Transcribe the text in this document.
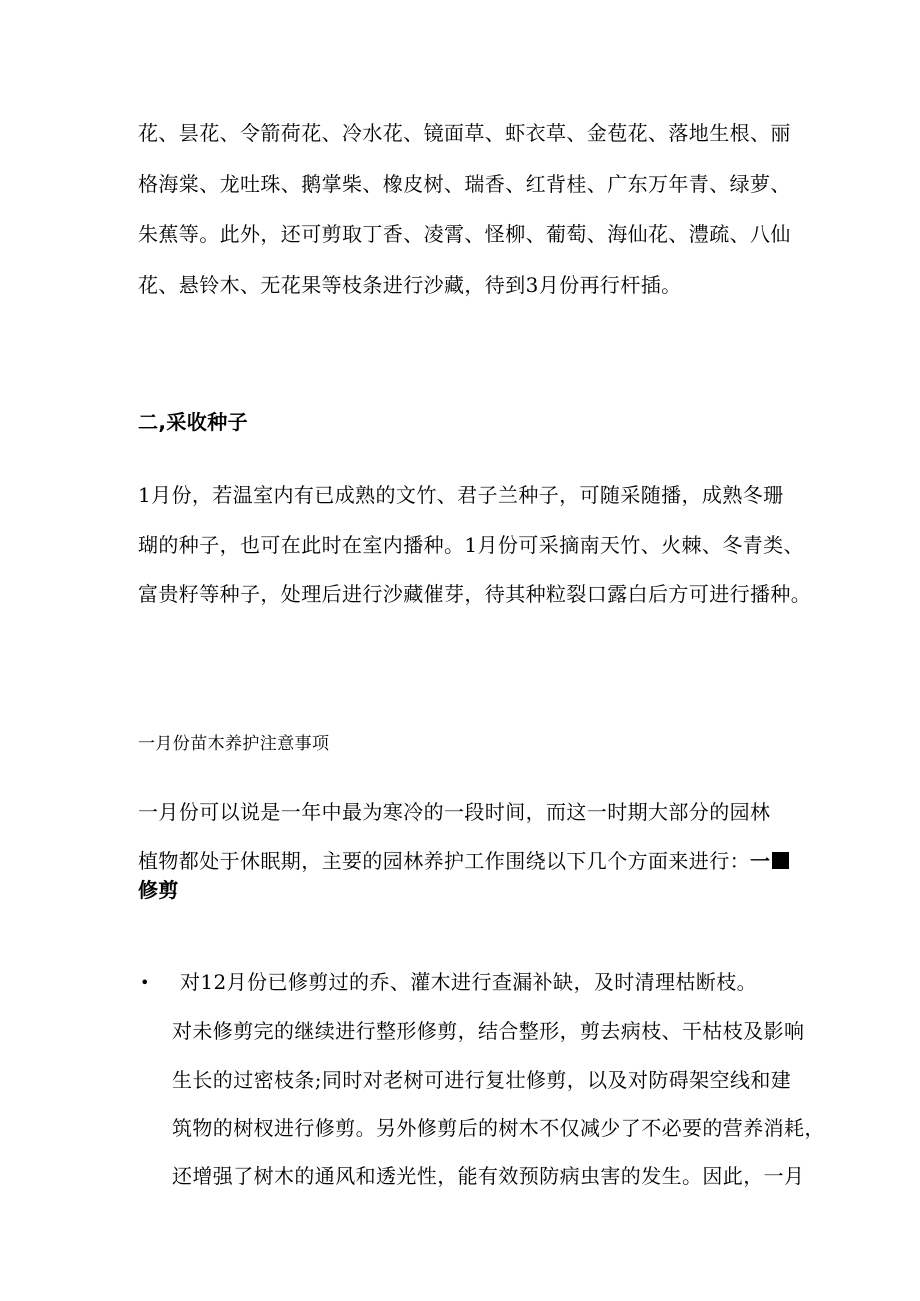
花、昙花、令箭荷花、冷水花、镜面草、虾衣草、金苞花、落地生根、丽
格海棠、龙吐珠、鹅掌柴、橡皮树、瑞香、红背桂、广东万年青、绿萝、
朱蕉等。此外，还可剪取丁香、凌霄、怪柳、葡萄、海仙花、澧疏、八仙
花、悬铃木、无花果等枝条进行沙藏，待到3月份再行杆插。
二,采收种子
1月份，若温室内有已成熟的文竹、君子兰种子，可随采随播，成熟冬珊
瑚的种子，也可在此时在室内播种。1月份可采摘南天竹、火棘、冬青类、
富贵籽等种子，处理后进行沙藏催芽，待其种粒裂口露白后方可进行播种。
一月份苗木养护注意事项
一月份可以说是一年中最为寒冷的一段时间，而这一时期大部分的园林
植物都处于休眠期，主要的园林养护工作围绕以下几个方面来进行：一
修剪
• 对12月份已修剪过的乔、灌木进行查漏补缺，及时清理枯断枝。
对未修剪完的继续进行整形修剪，结合整形，剪去病枝、干枯枝及影响
生长的过密枝条;同时对老树可进行复壮修剪，以及对防碍架空线和建
筑物的树杈进行修剪。另外修剪后的树木不仅减少了不必要的营养消耗，
还增强了树木的通风和透光性，能有效预防病虫害的发生。因此，一月
